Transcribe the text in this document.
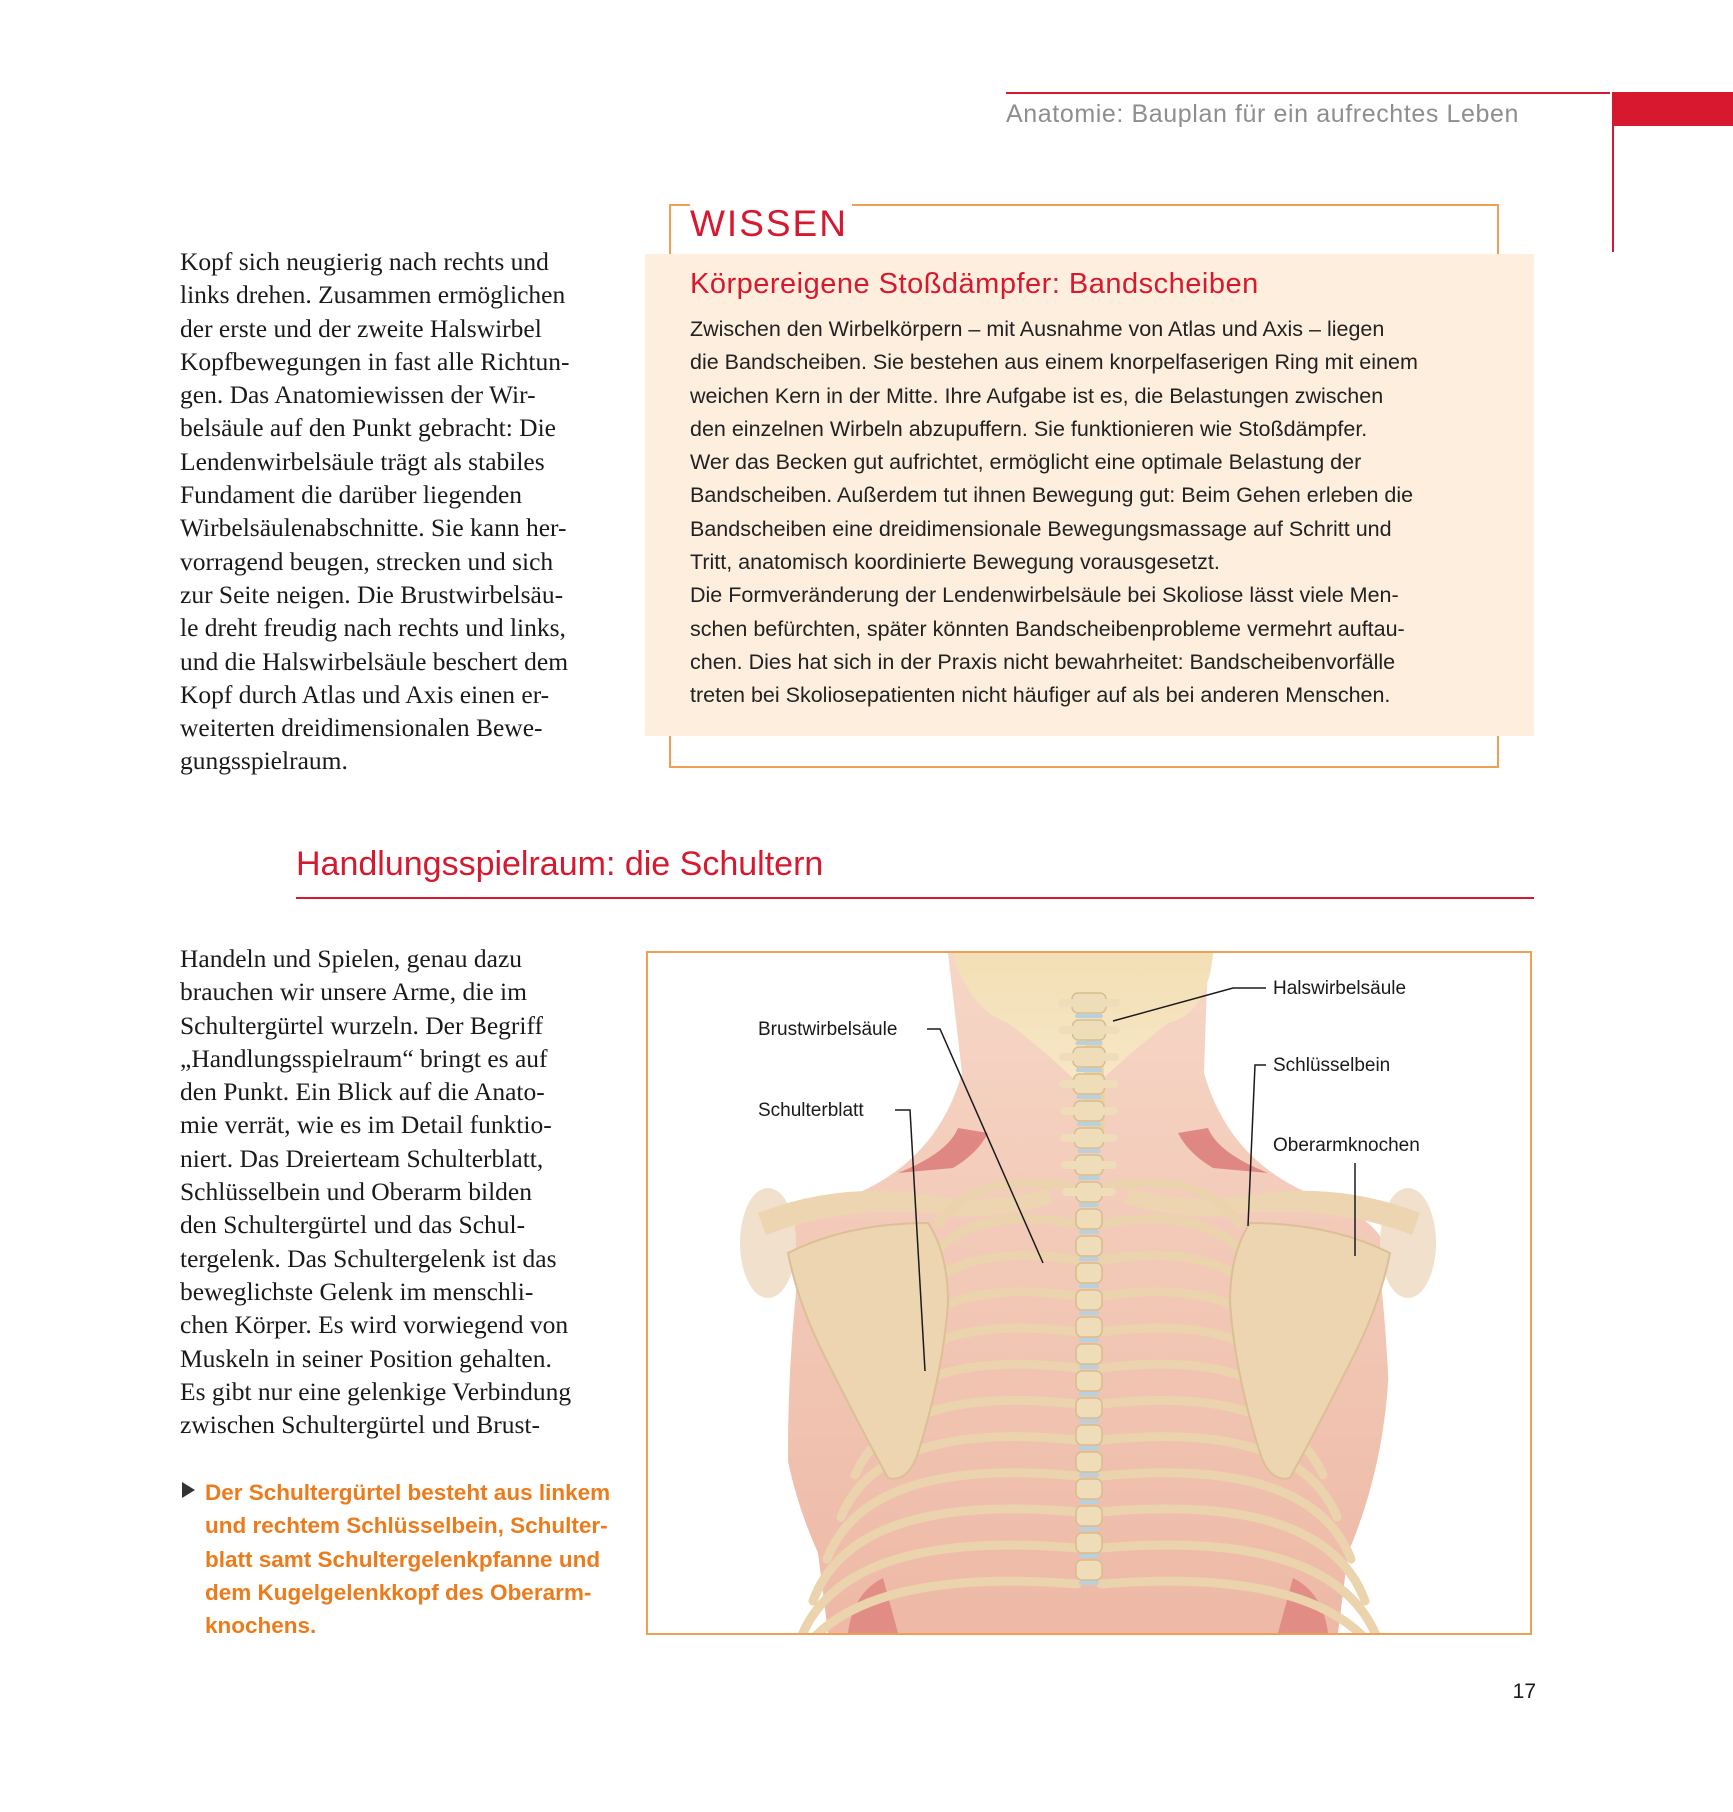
Anatomie: Bauplan für ein aufrechtes Leben
Kopf sich neugierig nach rechts und
links drehen. Zusammen ermöglichen
der erste und der zweite Halswirbel
Kopfbewegungen in fast alle Richtun-
gen. Das Anatomiewissen der Wir-
belsäule auf den Punkt gebracht: Die
Lendenwirbelsäule trägt als stabiles
Fundament die darüber liegenden
Wirbelsäulenabschnitte. Sie kann her-
vorragend beugen, strecken und sich
zur Seite neigen. Die Brustwirbelsäu-
le dreht freudig nach rechts und links,
und die Halswirbelsäule beschert dem
Kopf durch Atlas und Axis einen er-
weiterten dreidimensionalen Bewe-
gungsspielraum.
WISSEN
Körpereigene Stoßdämpfer: Bandscheiben
Zwischen den Wirbelkörpern – mit Ausnahme von Atlas und Axis – liegen
die Bandscheiben. Sie bestehen aus einem knorpelfaserigen Ring mit einem
weichen Kern in der Mitte. Ihre Aufgabe ist es, die Belastungen zwischen
den einzelnen Wirbeln abzupuffern. Sie funktionieren wie Stoßdämpfer.
Wer das Becken gut aufrichtet, ermöglicht eine optimale Belastung der
Bandscheiben. Außerdem tut ihnen Bewegung gut: Beim Gehen erleben die
Bandscheiben eine dreidimensionale Bewegungsmassage auf Schritt und
Tritt, anatomisch koordinierte Bewegung vorausgesetzt.
Die Formveränderung der Lendenwirbelsäule bei Skoliose lässt viele Men-
schen befürchten, später könnten Bandscheibenprobleme vermehrt auftau-
chen. Dies hat sich in der Praxis nicht bewahrheitet: Bandscheibenvorfälle
treten bei Skoliosepatienten nicht häufiger auf als bei anderen Menschen.
Handlungsspielraum: die Schultern
Handeln und Spielen, genau dazu
brauchen wir unsere Arme, die im
Schultergürtel wurzeln. Der Begriff
„Handlungsspielraum“ bringt es auf
den Punkt. Ein Blick auf die Anato-
mie verrät, wie es im Detail funktio-
niert. Das Dreierteam Schulterblatt,
Schlüsselbein und Oberarm bilden
den Schultergürtel und das Schul-
tergelenk. Das Schultergelenk ist das
beweglichste Gelenk im menschli-
chen Körper. Es wird vorwiegend von
Muskeln in seiner Position gehalten.
Es gibt nur eine gelenkige Verbindung
zwischen Schultergürtel und Brust-
Der Schultergürtel besteht aus linkem
und rechtem Schlüsselbein, Schulter-
blatt samt Schultergelenkpfanne und
dem Kugelgelenkkopf des Oberarm-
knochens.
Halswirbelsäule
Brustwirbelsäule
Schlüsselbein
Schulterblatt
Oberarmknochen
17
